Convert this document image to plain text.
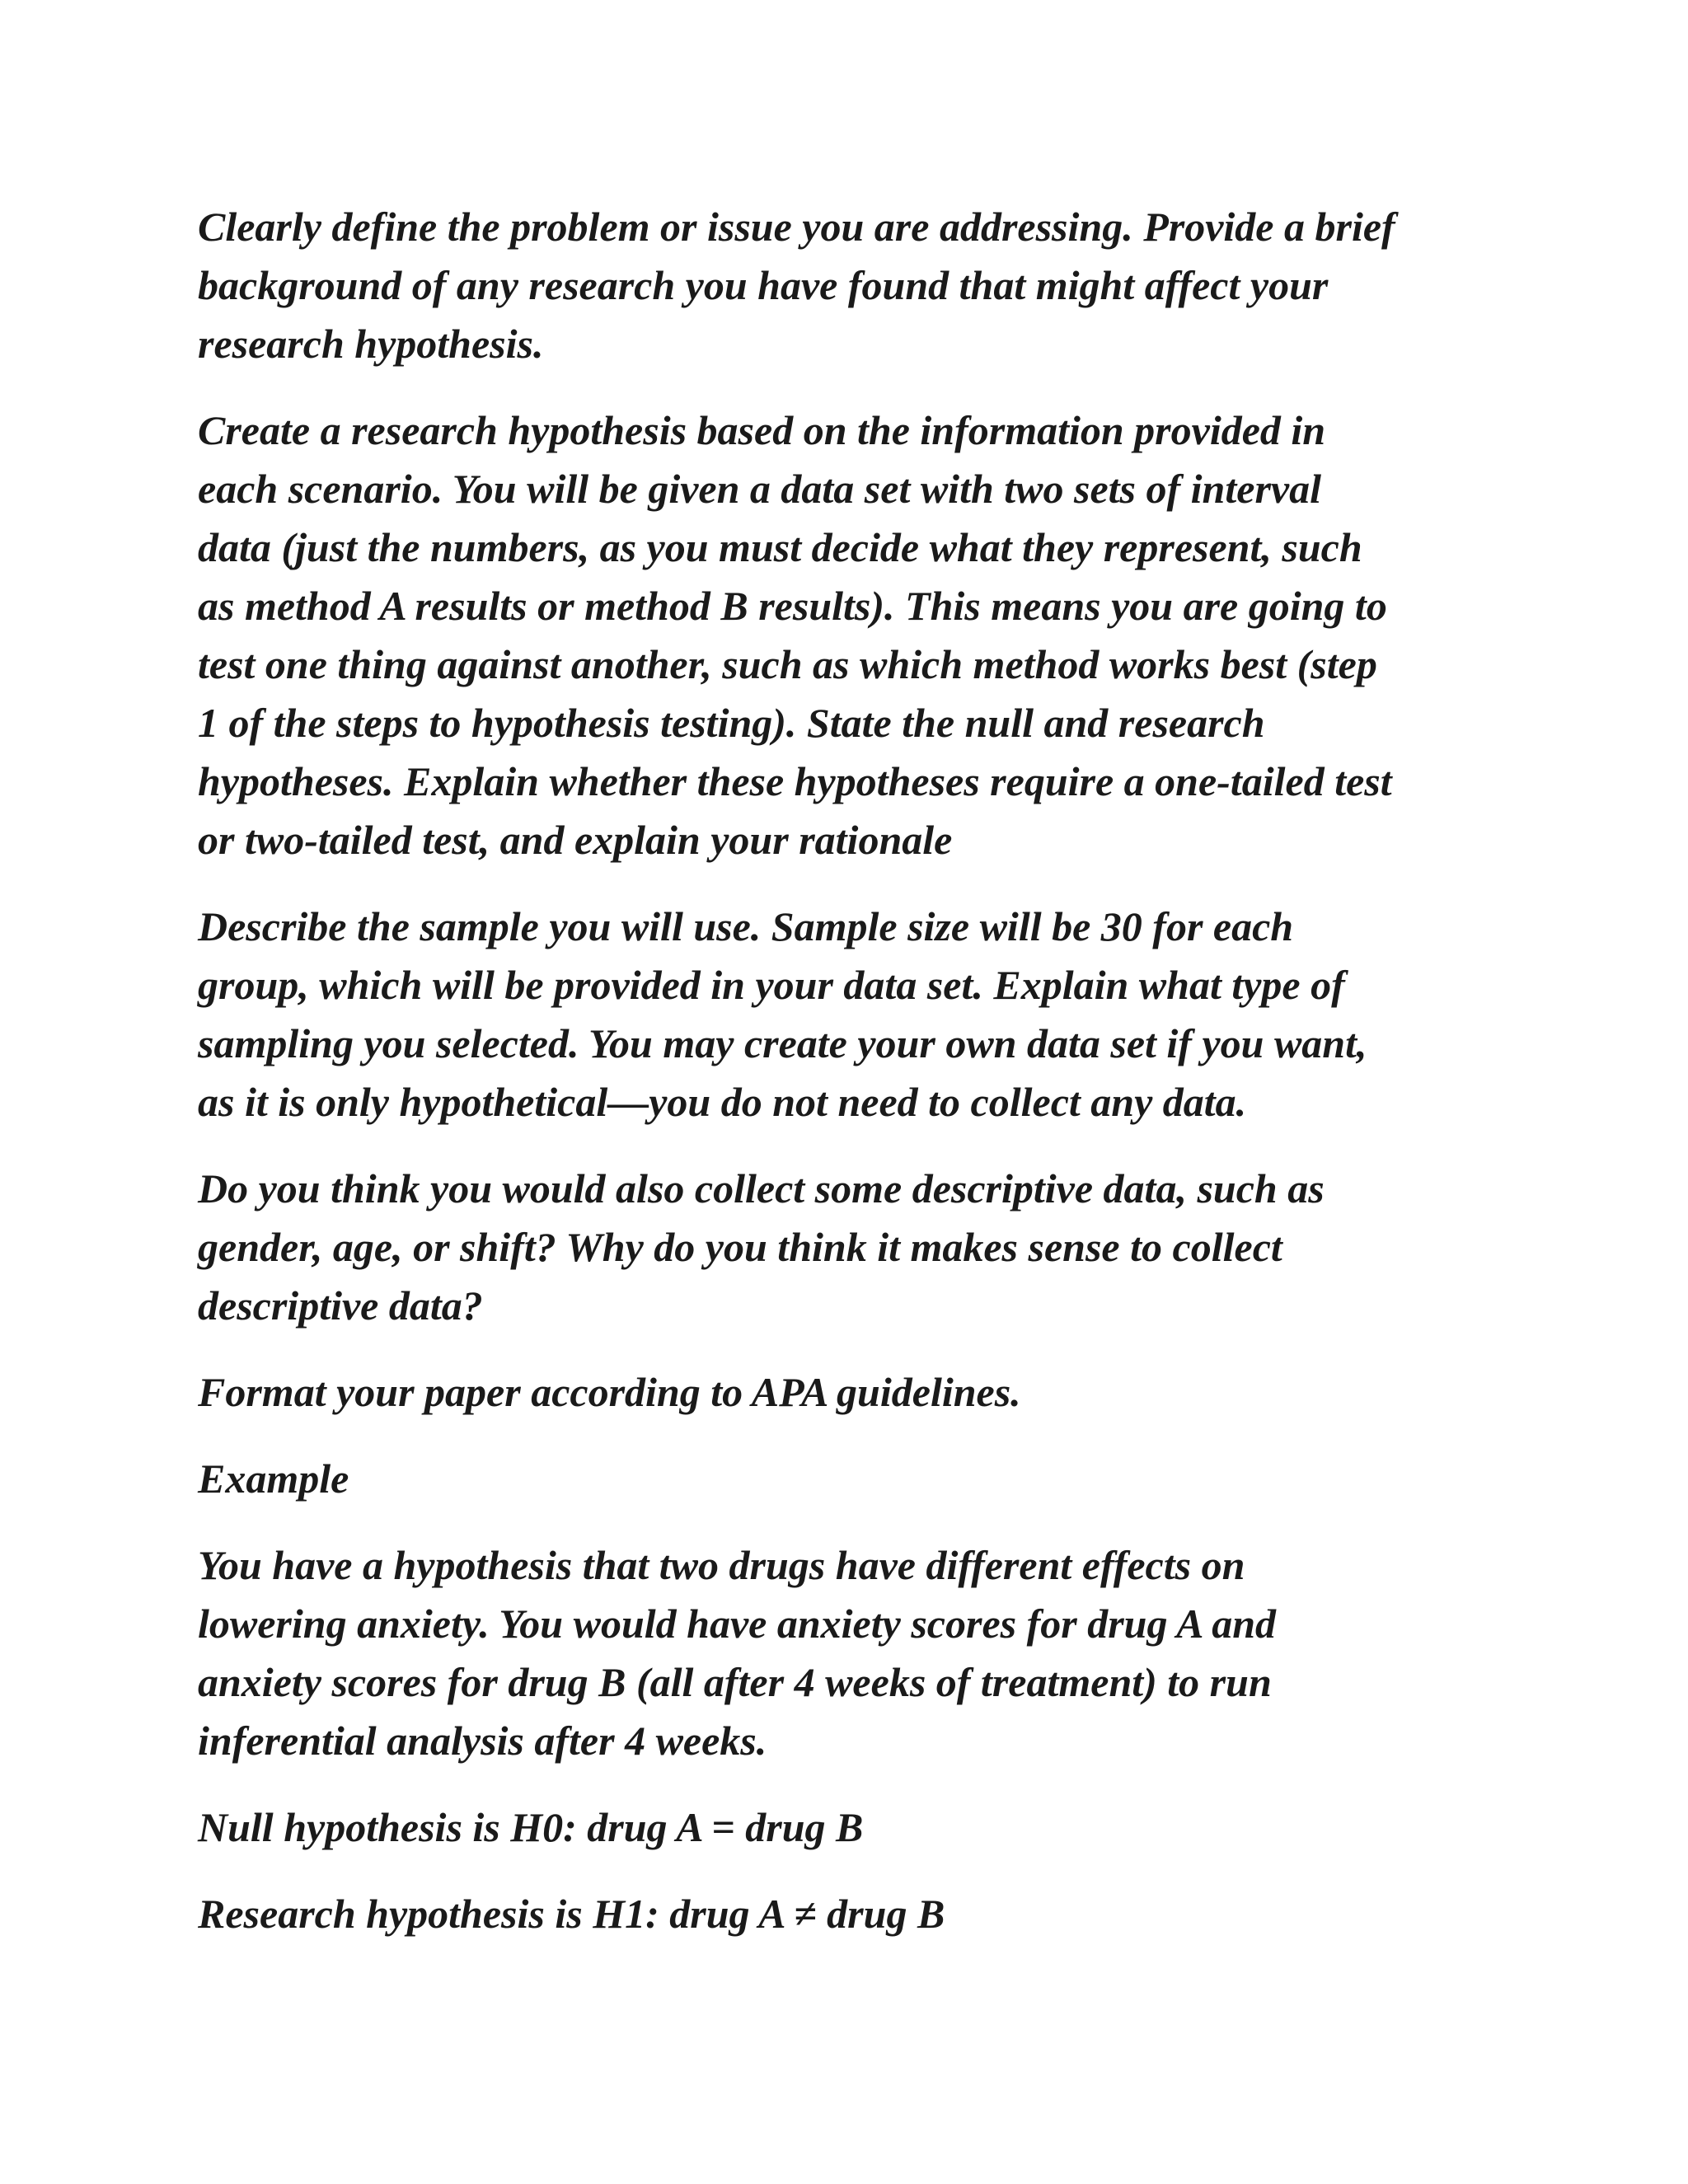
Clearly define the problem or issue you are addressing. Provide a brief
background of any research you have found that might affect your
research hypothesis.

Create a research hypothesis based on the information provided in
each scenario. You will be given a data set with two sets of interval
data (just the numbers, as you must decide what they represent, such
as method A results or method B results). This means you are going to
test one thing against another, such as which method works best (step
1 of the steps to hypothesis testing). State the null and research
hypotheses. Explain whether these hypotheses require a one-tailed test
or two-tailed test, and explain your rationale

Describe the sample you will use. Sample size will be 30 for each
group, which will be provided in your data set. Explain what type of
sampling you selected. You may create your own data set if you want,
as it is only hypothetical—you do not need to collect any data.

Do you think you would also collect some descriptive data, such as
gender, age, or shift? Why do you think it makes sense to collect
descriptive data?

Format your paper according to APA guidelines.

Example

You have a hypothesis that two drugs have different effects on
lowering anxiety. You would have anxiety scores for drug A and
anxiety scores for drug B (all after 4 weeks of treatment) to run
inferential analysis after 4 weeks.

Null hypothesis is H0: drug A = drug B

Research hypothesis is H1: drug A ≠ drug B
